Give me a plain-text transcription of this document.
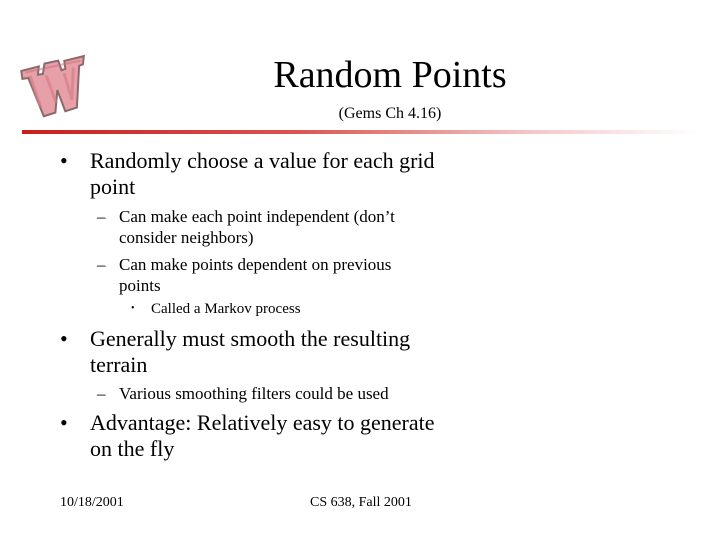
Random Points
(Gems Ch 4.16)
• Randomly choose a value for each grid
point
– Can make each point independent (don’t
consider neighbors)
– Can make points dependent on previous
points
• Called a Markov process
• Generally must smooth the resulting
terrain
– Various smoothing filters could be used
• Advantage: Relatively easy to generate
on the fly
10/18/2001	CS 638, Fall 2001
